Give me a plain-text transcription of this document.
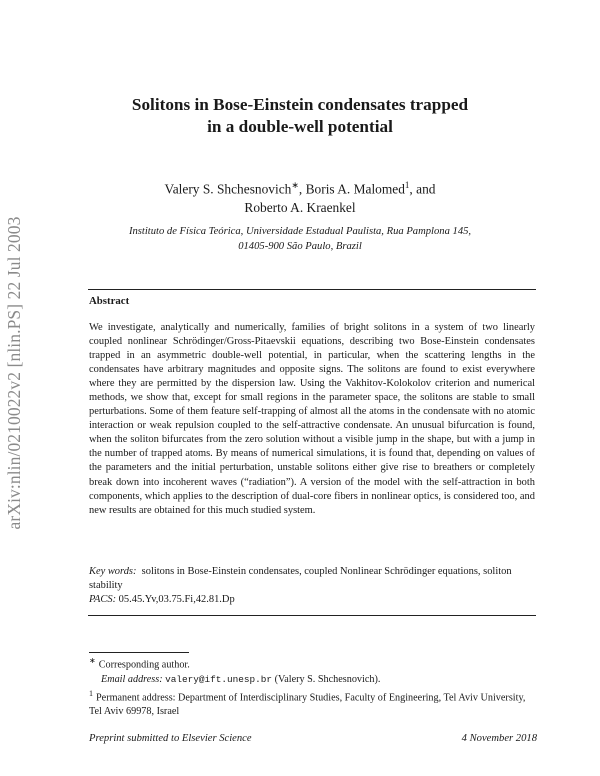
arXiv:nlin/0210022v2 [nlin.PS] 22 Jul 2003
Solitons in Bose-Einstein condensates trapped
in a double-well potential
Valery S. Shchesnovich∗, Boris A. Malomed$^1$, and
Roberto A. Kraenkel
Instituto de Física Teórica, Universidade Estadual Paulista, Rua Pamplona 145,
01405-900 São Paulo, Brazil
Abstract
We investigate, analytically and numerically, families of bright solitons in a system of two linearly coupled nonlinear Schrödinger/Gross-Pitaevskii equations, describing two Bose-Einstein condensates trapped in an asymmetric double-well potential, in particular, when the scattering lengths in the condensates have arbitrary magnitudes and opposite signs. The solitons are found to exist everywhere where they are permitted by the dispersion law. Using the Vakhitov-Kolokolov criterion and numerical methods, we show that, except for small regions in the parameter space, the solitons are stable to small perturbations. Some of them feature self-trapping of almost all the atoms in the condensate with no atomic interaction or weak repulsion coupled to the self-attractive condensate. An unusual bifurcation is found, when the soliton bifurcates from the zero solution without a visible jump in the shape, but with a jump in the number of trapped atoms. By means of numerical simulations, it is found that, depending on values of the parameters and the initial perturbation, unstable solitons either give rise to breathers or completely break down into incoherent waves (“radiation”). A version of the model with the self-attraction in both components, which applies to the description of dual-core fibers in nonlinear optics, is considered too, and new results are obtained for this much studied system.
Key words: solitons in Bose-Einstein condensates, coupled Nonlinear Schrödinger equations, soliton stability
PACS: 05.45.Yv,03.75.Fi,42.81.Dp
∗ Corresponding author.
Email address: valery@ift.unesp.br (Valery S. Shchesnovich).
$^1$ Permanent address: Department of Interdisciplinary Studies, Faculty of Engineering, Tel Aviv University, Tel Aviv 69978, Israel
Preprint submitted to Elsevier Science	4 November 2018
